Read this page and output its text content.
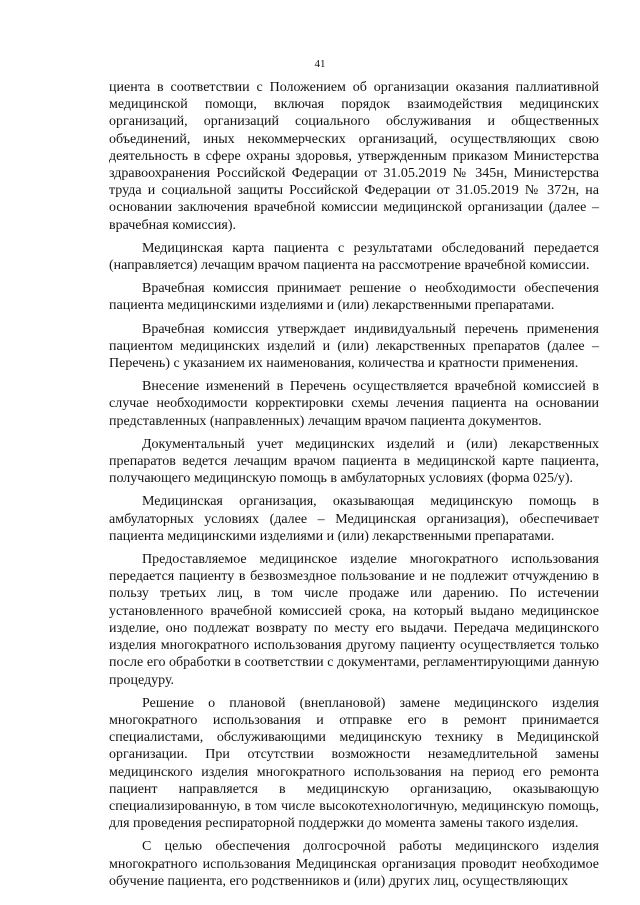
41

циента в соответствии с Положением об организации оказания паллиативной медицинской помощи, включая порядок взаимодействия медицинских организаций, организаций социального обслуживания и общественных объединений, иных некоммерческих организаций, осуществляющих свою деятельность в сфере охраны здоровья, утвержденным приказом Министерства здравоохранения Российской Федерации от 31.05.2019 № 345н, Министерства труда и социальной защиты Российской Федерации от 31.05.2019 № 372н, на основании заключения врачебной комиссии медицинской организации (далее – врачебная комиссия).

Медицинская карта пациента с результатами обследований передается (направляется) лечащим врачом пациента на рассмотрение врачебной комиссии.

Врачебная комиссия принимает решение о необходимости обеспечения пациента медицинскими изделиями и (или) лекарственными препаратами.

Врачебная комиссия утверждает индивидуальный перечень применения пациентом медицинских изделий и (или) лекарственных препаратов (далее – Перечень) с указанием их наименования, количества и кратности применения.

Внесение изменений в Перечень осуществляется врачебной комиссией в случае необходимости корректировки схемы лечения пациента на основании представленных (направленных) лечащим врачом пациента документов.

Документальный учет медицинских изделий и (или) лекарственных препаратов ведется лечащим врачом пациента в медицинской карте пациента, получающего медицинскую помощь в амбулаторных условиях (форма 025/у).

Медицинская организация, оказывающая медицинскую помощь в амбулаторных условиях (далее – Медицинская организация), обеспечивает пациента медицинскими изделиями и (или) лекарственными препаратами.

Предоставляемое медицинское изделие многократного использования передается пациенту в безвозмездное пользование и не подлежит отчуждению в пользу третьих лиц, в том числе продаже или дарению. По истечении установленного врачебной комиссией срока, на который выдано медицинское изделие, оно подлежат возврату по месту его выдачи. Передача медицинского изделия многократного использования другому пациенту осуществляется только после его обработки в соответствии с документами, регламентирующими данную процедуру.

Решение о плановой (внеплановой) замене медицинского изделия многократного использования и отправке его в ремонт принимается специалистами, обслуживающими медицинскую технику в Медицинской организации. При отсутствии возможности незамедлительной замены медицинского изделия многократного использования на период его ремонта пациент направляется в медицинскую организацию, оказывающую специализированную, в том числе высокотехнологичную, медицинскую помощь, для проведения респираторной поддержки до момента замены такого изделия.

С целью обеспечения долгосрочной работы медицинского изделия многократного использования Медицинская организация проводит необходимое обучение пациента, его родственников и (или) других лиц, осуществляющих
